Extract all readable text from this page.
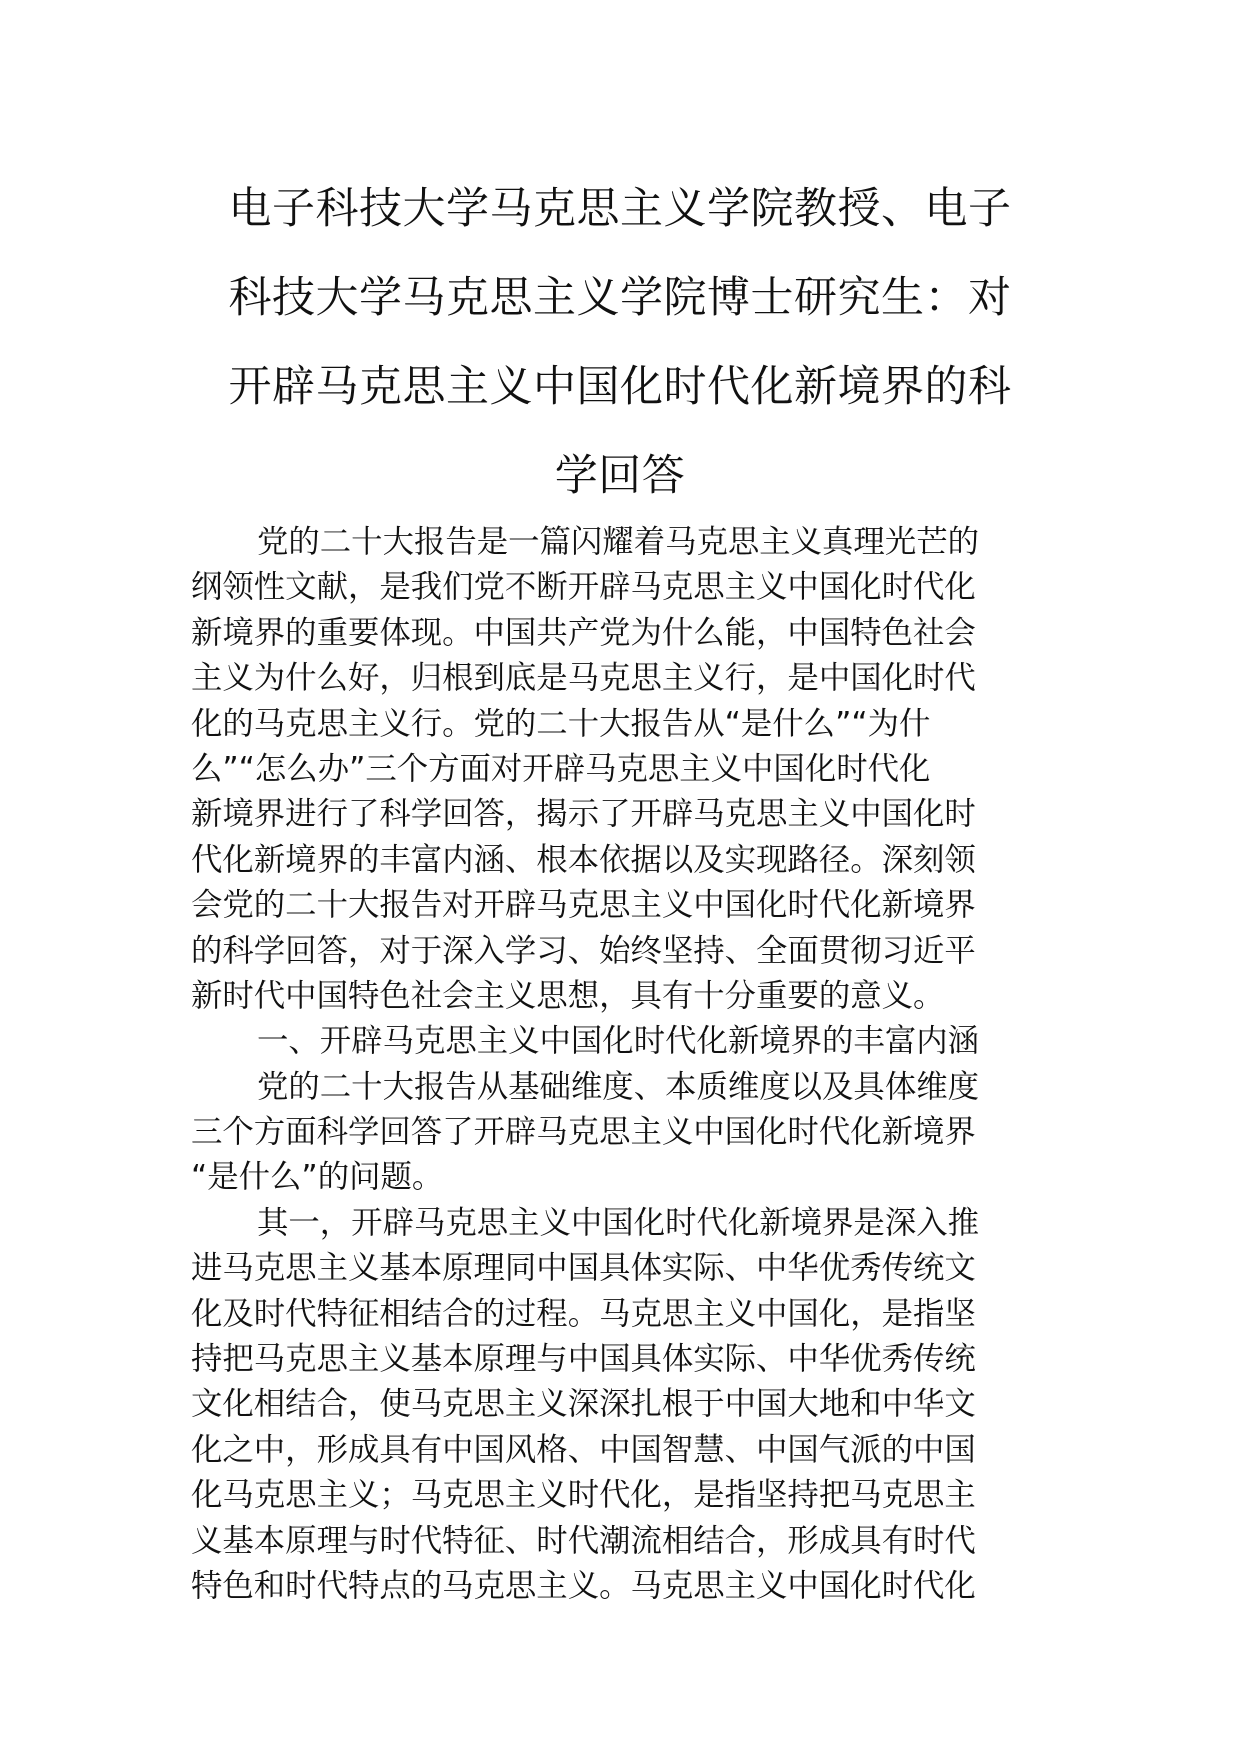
电子科技大学马克思主义学院教授、电子
科技大学马克思主义学院博士研究生：对
开辟马克思主义中国化时代化新境界的科
学回答
党的二十大报告是一篇闪耀着马克思主义真理光芒的
纲领性文献，是我们党不断开辟马克思主义中国化时代化
新境界的重要体现。中国共产党为什么能，中国特色社会
主义为什么好，归根到底是马克思主义行，是中国化时代
化的马克思主义行。党的二十大报告从“是什么”“为什
么”“怎么办”三个方面对开辟马克思主义中国化时代化
新境界进行了科学回答，揭示了开辟马克思主义中国化时
代化新境界的丰富内涵、根本依据以及实现路径。深刻领
会党的二十大报告对开辟马克思主义中国化时代化新境界
的科学回答，对于深入学习、始终坚持、全面贯彻习近平
新时代中国特色社会主义思想，具有十分重要的意义。
一、开辟马克思主义中国化时代化新境界的丰富内涵
党的二十大报告从基础维度、本质维度以及具体维度
三个方面科学回答了开辟马克思主义中国化时代化新境界
“是什么”的问题。
其一，开辟马克思主义中国化时代化新境界是深入推
进马克思主义基本原理同中国具体实际、中华优秀传统文
化及时代特征相结合的过程。马克思主义中国化，是指坚
持把马克思主义基本原理与中国具体实际、中华优秀传统
文化相结合，使马克思主义深深扎根于中国大地和中华文
化之中，形成具有中国风格、中国智慧、中国气派的中国
化马克思主义；马克思主义时代化，是指坚持把马克思主
义基本原理与时代特征、时代潮流相结合，形成具有时代
特色和时代特点的马克思主义。马克思主义中国化时代化
